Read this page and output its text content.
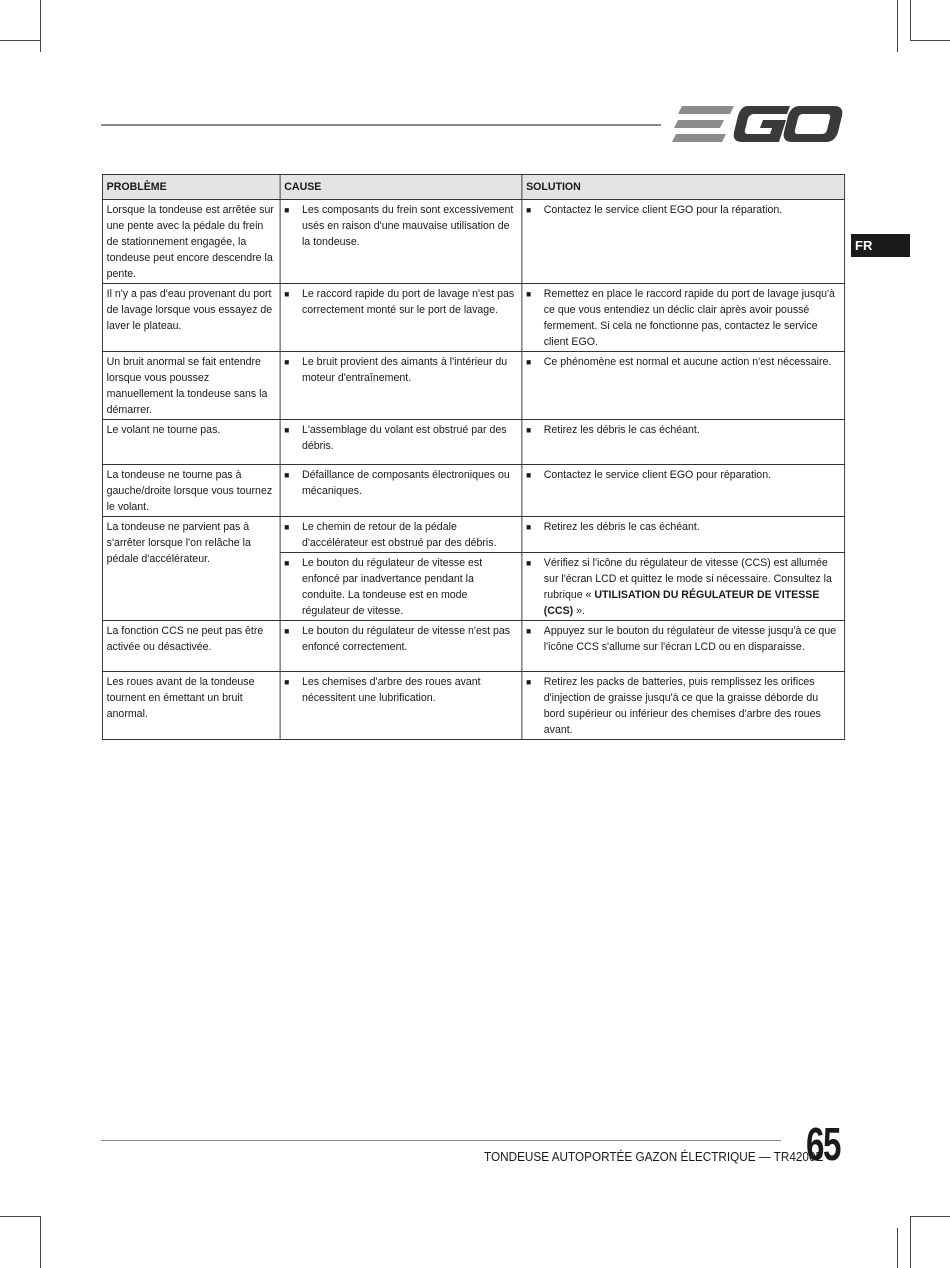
FR
PROBLÈME	CAUSE	SOLUTION
Lorsque la tondeuse est arrêtée sur une pente avec la pédale du frein de stationnement engagée, la tondeuse peut encore descendre la pente.	■ Les composants du frein sont excessivement usés en raison d'une mauvaise utilisation de la tondeuse.	■ Contactez le service client EGO pour la réparation.

Il n'y a pas d'eau provenant du port de lavage lorsque vous essayez de laver le plateau.	■ Le raccord rapide du port de lavage n'est pas correctement monté sur le port de lavage.	■ Remettez en place le raccord rapide du port de lavage jusqu'à ce que vous entendiez un déclic clair après avoir poussé fermement. Si cela ne fonctionne pas, contactez le service client EGO.

Un bruit anormal se fait entendre lorsque vous poussez manuellement la tondeuse sans la démarrer.	■ Le bruit provient des aimants à l'intérieur du moteur d'entraînement.	■ Ce phénomène est normal et aucune action n'est nécessaire.

Le volant ne tourne pas.	■ L'assemblage du volant est obstrué par des débris.	■ Retirez les débris le cas échéant.

La tondeuse ne tourne pas à gauche/droite lorsque vous tournez le volant.	■ Défaillance de composants électroniques ou mécaniques.	■ Contactez le service client EGO pour réparation.

La tondeuse ne parvient pas à s'arrêter lorsque l'on relâche la pédale d'accélérateur.	■ Le chemin de retour de la pédale d'accélérateur est obstrué par des débris.	■ Retirez les débris le cas échéant.

	■ Le bouton du régulateur de vitesse est enfoncé par inadvertance pendant la conduite. La tondeuse est en mode régulateur de vitesse.	■ Vérifiez si l'icône du régulateur de vitesse (CCS) est allumée sur l'écran LCD et quittez le mode si nécessaire. Consultez la rubrique « UTILISATION DU RÉGULATEUR DE VITESSE (CCS) ».

La fonction CCS ne peut pas être activée ou désactivée.	■ Le bouton du régulateur de vitesse n'est pas enfoncé correctement.	■ Appuyez sur le bouton du régulateur de vitesse jusqu'à ce que l'icône CCS s'allume sur l'écran LCD ou en disparaisse.

Les roues avant de la tondeuse tournent en émettant un bruit anormal.	■ Les chemises d'arbre des roues avant nécessitent une lubrification.	■ Retirez les packs de batteries, puis remplissez les orifices d'injection de graisse jusqu'à ce que la graisse déborde du bord supérieur ou inférieur des chemises d'arbre des roues avant.
TONDEUSE AUTOPORTÉE GAZON ÉLECTRIQUE — TR4200E
65
